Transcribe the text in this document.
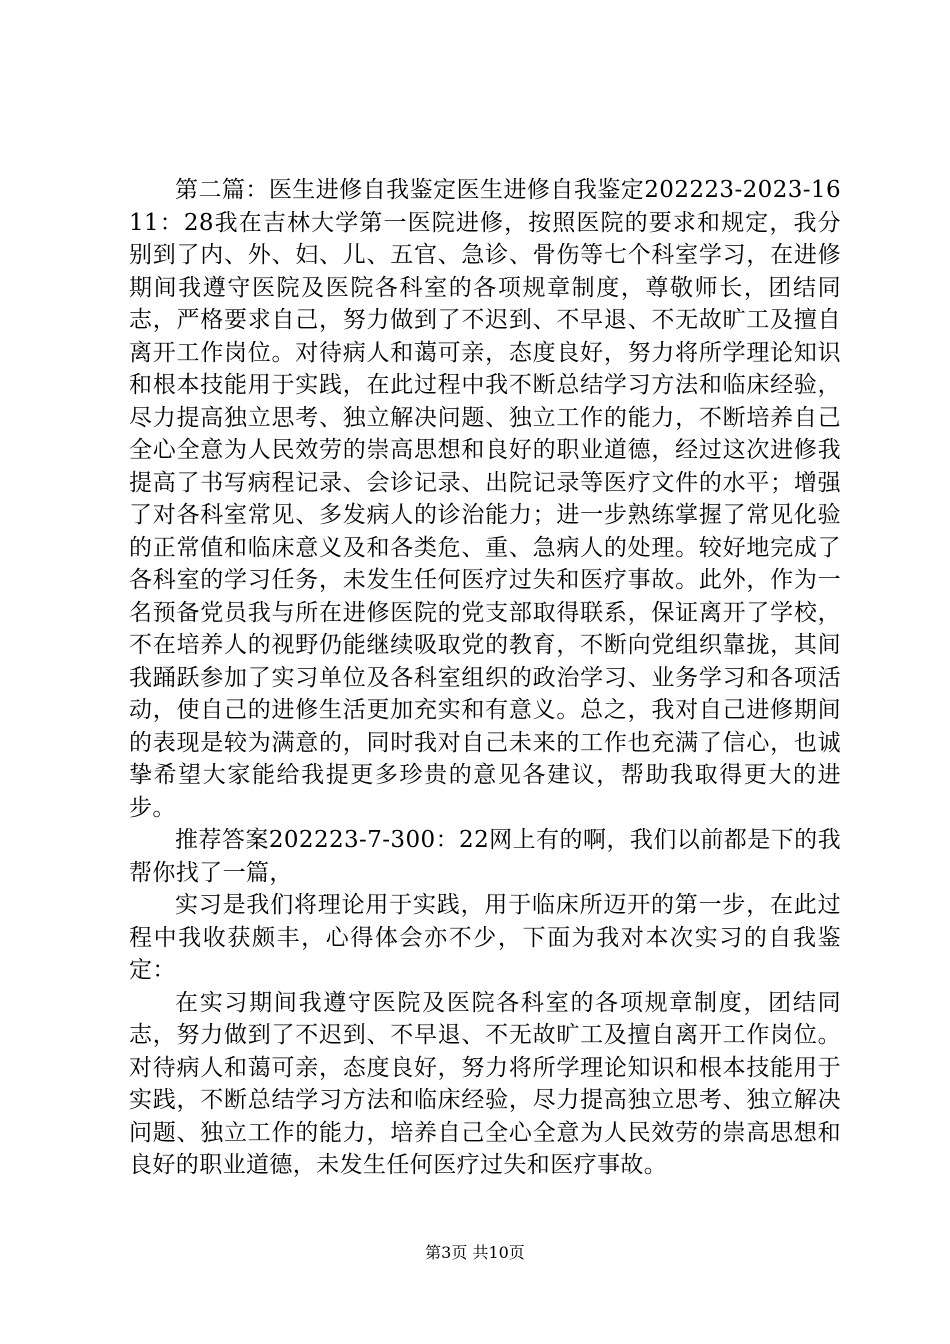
第二篇：医生进修自我鉴定医生进修自我鉴定202223-2023-1611：28我在吉林大学第一医院进修，按照医院的要求和规定，我分别到了内、外、妇、儿、五官、急诊、骨伤等七个科室学习，在进修期间我遵守医院及医院各科室的各项规章制度，尊敬师长，团结同志，严格要求自己，努力做到了不迟到、不早退、不无故旷工及擅自离开工作岗位。对待病人和蔼可亲，态度良好，努力将所学理论知识和根本技能用于实践，在此过程中我不断总结学习方法和临床经验，尽力提高独立思考、独立解决问题、独立工作的能力，不断培养自己全心全意为人民效劳的崇高思想和良好的职业道德，经过这次进修我提高了书写病程记录、会诊记录、出院记录等医疗文件的水平；增强了对各科室常见、多发病人的诊治能力；进一步熟练掌握了常见化验的正常值和临床意义及和各类危、重、急病人的处理。较好地完成了各科室的学习任务，未发生任何医疗过失和医疗事故。此外，作为一名预备党员我与所在进修医院的党支部取得联系，保证离开了学校，不在培养人的视野仍能继续吸取党的教育，不断向党组织靠拢，其间我踊跃参加了实习单位及各科室组织的政治学习、业务学习和各项活动，使自己的进修生活更加充实和有意义。总之，我对自己进修期间的表现是较为满意的，同时我对自己未来的工作也充满了信心，也诚挚希望大家能给我提更多珍贵的意见各建议，帮助我取得更大的进步。

推荐答案202223-7-300：22网上有的啊，我们以前都是下的我帮你找了一篇，

实习是我们将理论用于实践，用于临床所迈开的第一步，在此过程中我收获颇丰，心得体会亦不少，下面为我对本次实习的自我鉴定：

在实习期间我遵守医院及医院各科室的各项规章制度，团结同志，努力做到了不迟到、不早退、不无故旷工及擅自离开工作岗位。对待病人和蔼可亲，态度良好，努力将所学理论知识和根本技能用于实践，不断总结学习方法和临床经验，尽力提高独立思考、独立解决问题、独立工作的能力，培养自己全心全意为人民效劳的崇高思想和良好的职业道德，未发生任何医疗过失和医疗事故。

第3页 共10页
